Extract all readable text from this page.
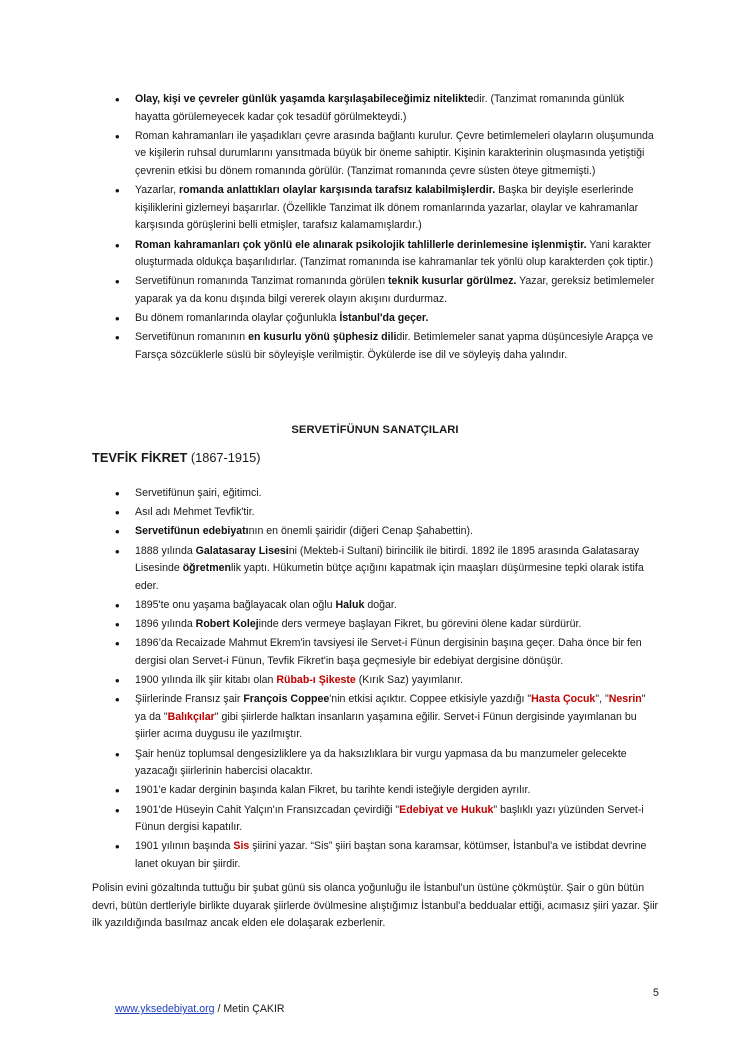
• Olay, kişi ve çevreler günlük yaşamda karşılaşabileceğimiz niteliktedir. (Tanzimat romanında günlük hayatta görülemeyecek kadar çok tesadüf görülmekteydi.)
• Roman kahramanları ile yaşadıkları çevre arasında bağlantı kurulur. Çevre betimlemeleri olayların oluşumunda ve kişilerin ruhsal durumlarını yansıtmada büyük bir öneme sahiptir. Kişinin karakterinin oluşmasında yetiştiği çevrenin etkisi bu dönem romanında görülür. (Tanzimat romanında çevre süsten öteye gitmemişti.)
• Yazarlar, romanda anlattıkları olaylar karşısında tarafsız kalabilmişlerdir. Başka bir deyişle eserlerinde kişiliklerini gizlemeyi başarırlar. (Özellikle Tanzimat ilk dönem romanlarında yazarlar, olaylar ve kahramanlar karşısında görüşlerini belli etmişler, tarafsız kalamamışlardır.)
• Roman kahramanları çok yönlü ele alınarak psikolojik tahlillerle derinlemesine işlenmiştir. Yani karakter oluşturmada oldukça başarılıdırlar. (Tanzimat romanında ise kahramanlar tek yönlü olup karakterden çok tiptir.)
• Servetifünun romanında Tanzimat romanında görülen teknik kusurlar görülmez. Yazar, gereksiz betimlemeler yaparak ya da konu dışında bilgi vererek olayın akışını durdurmaz.
• Bu dönem romanlarında olaylar çoğunlukla İstanbul'da geçer.
• Servetifünun romanının en kusurlu yönü şüphesiz dilidir. Betimlemeler sanat yapma düşüncesiyle Arapça ve Farsça sözcüklerle süslü bir söyleyişle verilmiştir. Öykülerde ise dil ve söyleyiş daha yalındır.
SERVETİFÜNUN SANATÇILARI
TEVFİK FİKRET (1867-1915)
• Servetifünun şairi, eğitimci.
• Asıl adı Mehmet Tevfik'tir.
• Servetifünun edebiyatının en önemli şairidir (diğeri Cenap Şahabettin).
• 1888 yılında Galatasaray Lisesini (Mekteb-i Sultani) birincilik ile bitirdi. 1892 ile 1895 arasında Galatasaray Lisesinde öğretmenlik yaptı. Hükumetin bütçe açığını kapatmak için maaşları düşürmesine tepki olarak istifa eder.
• 1895'te onu yaşama bağlayacak olan oğlu Haluk doğar.
• 1896 yılında Robert Kolejinde ders vermeye başlayan Fikret, bu görevini ölene kadar sürdürür.
• 1896’da Recaizade Mahmut Ekrem'in tavsiyesi ile Servet-i Fünun dergisinin başına geçer. Daha önce bir fen dergisi olan Servet-i Fünun, Tevfik Fikret'in başa geçmesiyle bir edebiyat dergisine dönüşür.
• 1900 yılında ilk şiir kitabı olan Rübab-ı Şikeste (Kırık Saz) yayımlanır.
• Şiirlerinde Fransız şair François Coppee'nin etkisi açıktır. Coppee etkisiyle yazdığı "Hasta Çocuk", "Nesrin" ya da "Balıkçılar" gibi şiirlerde halktan insanların yaşamına eğilir. Servet-i Fünun dergisinde yayımlanan bu şiirler acıma duygusu ile yazılmıştır.
• Şair henüz toplumsal dengesizliklere ya da haksızlıklara bir vurgu yapmasa da bu manzumeler gelecekte yazacağı şiirlerinin habercisi olacaktır.
• 1901'e kadar derginin başında kalan Fikret, bu tarihte kendi isteğiyle dergiden ayrılır.
• 1901'de Hüseyin Cahit Yalçın'ın Fransızcadan çevirdiği "Edebiyat ve Hukuk" başlıklı yazı yüzünden Servet-i Fünun dergisi kapatılır.
• 1901 yılının başında Sis şiirini yazar. “Sis” şiiri baştan sona karamsar, kötümser, İstanbul'a ve istibdat devrine lanet okuyan bir şiirdir.
Polisin evini gözaltında tuttuğu bir şubat günü sis olanca yoğunluğu ile İstanbul'un üstüne çökmüştür. Şair o gün bütün devri, bütün dertleriyle birlikte duyarak şiirlerde övülmesine alıştığımız İstanbul'a beddualar ettiği, acımasız şiiri yazar. Şiir ilk yazıldığında basılmaz ancak elden ele dolaşarak ezberlenir.
5
www.yksedebiyat.org / Metin ÇAKIR
